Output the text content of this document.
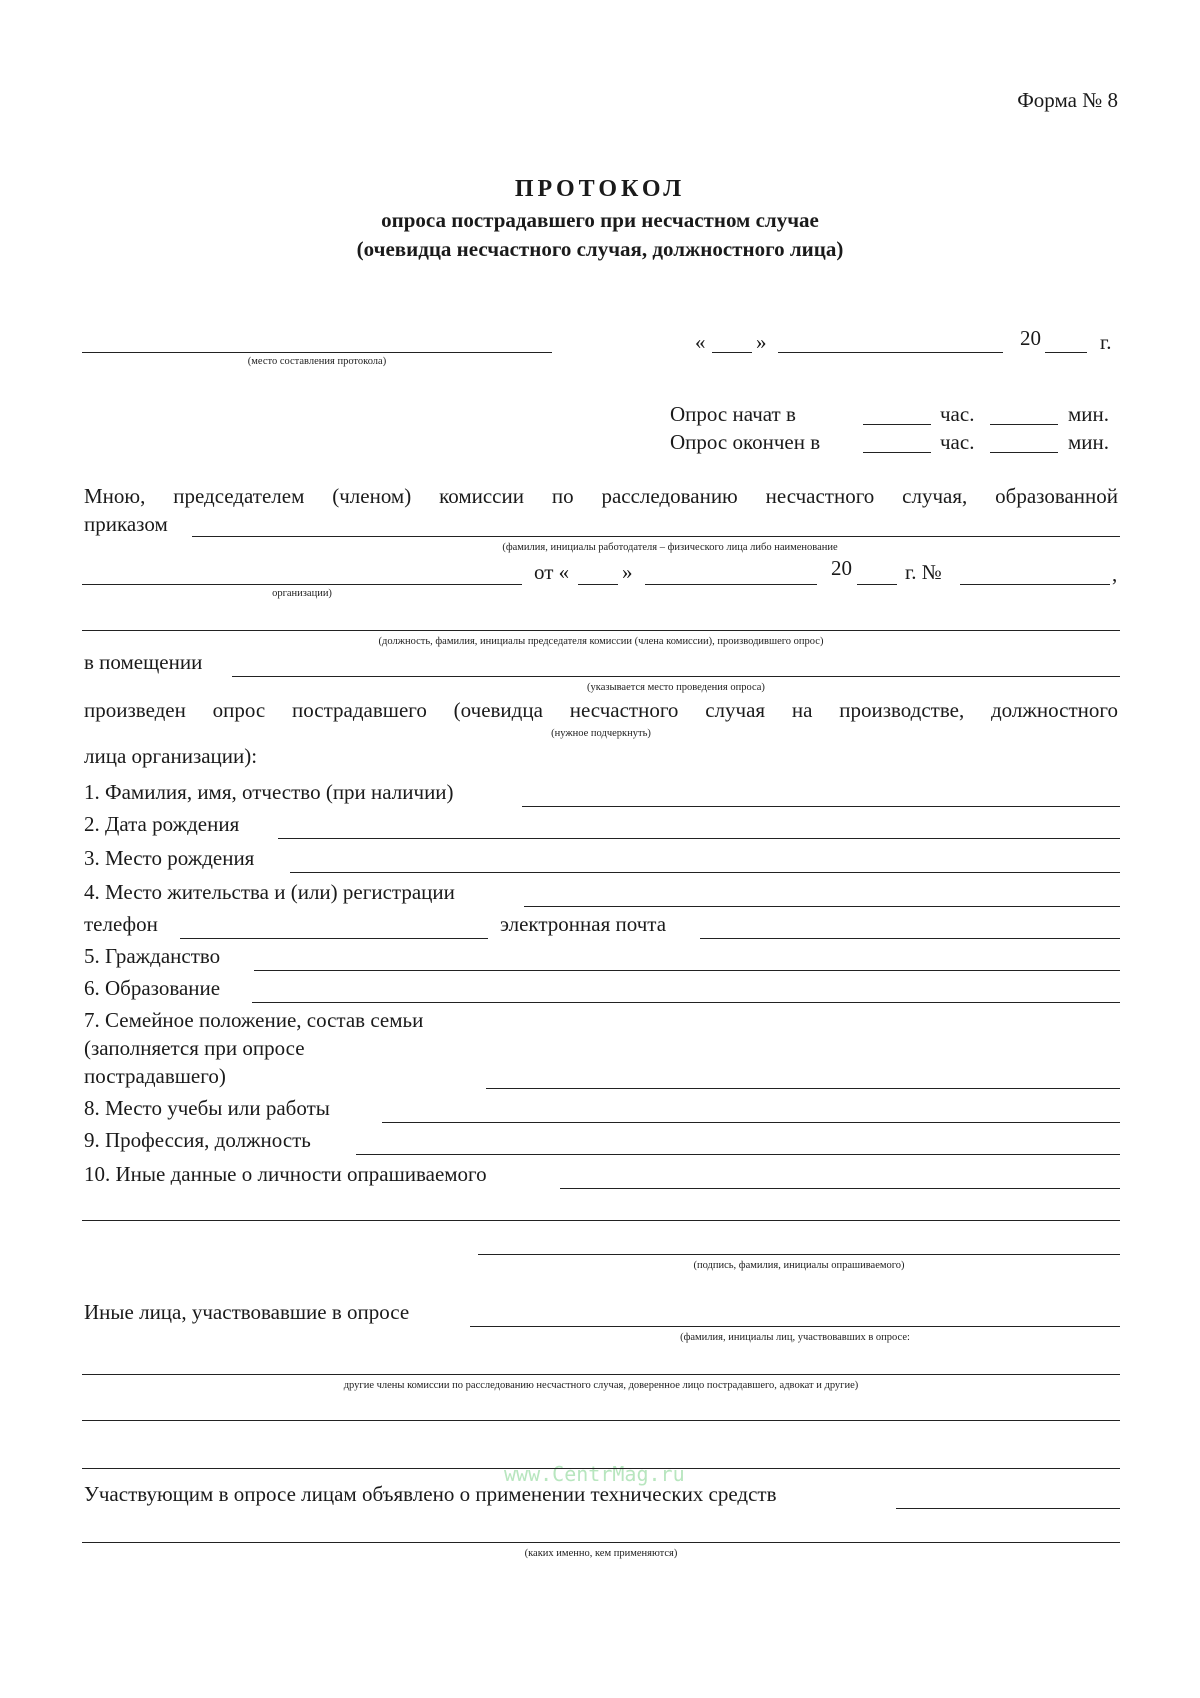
Форма № 8
ПРОТОКОЛ
опроса пострадавшего при несчастном случае
(очевидца несчастного случая, должностного лица)
(место составления протокола)
« »	20	г.
Опрос начат в	час.	мин.
Опрос окончен в	час.	мин.
Мною, председателем (членом) комиссии по расследованию несчастного случая, образованной
приказом
(фамилия, инициалы работодателя – физического лица либо наименование
организации)
от «	»	20	г. №	,
(должность, фамилия, инициалы председателя комиссии (члена комиссии), производившего опрос)
в помещении
(указывается место проведения опроса)
произведен опрос пострадавшего (очевидца несчастного случая на производстве, должностного
(нужное подчеркнуть)
лица организации):
1. Фамилия, имя, отчество (при наличии)
2. Дата рождения
3. Место рождения
4. Место жительства и (или) регистрации
телефон	электронная почта
5. Гражданство
6. Образование
7. Семейное положение, состав семьи
(заполняется при опросе
пострадавшего)
8. Место учебы или работы
9. Профессия, должность
10. Иные данные о личности опрашиваемого
(подпись, фамилия, инициалы опрашиваемого)
Иные лица, участвовавшие в опросе
(фамилия, инициалы лиц, участвовавших в опросе:
другие члены комиссии по расследованию несчастного случая, доверенное лицо пострадавшего, адвокат и другие)
www.CentrMag.ru
Участвующим в опросе лицам объявлено о применении технических средств
(каких именно, кем применяются)
